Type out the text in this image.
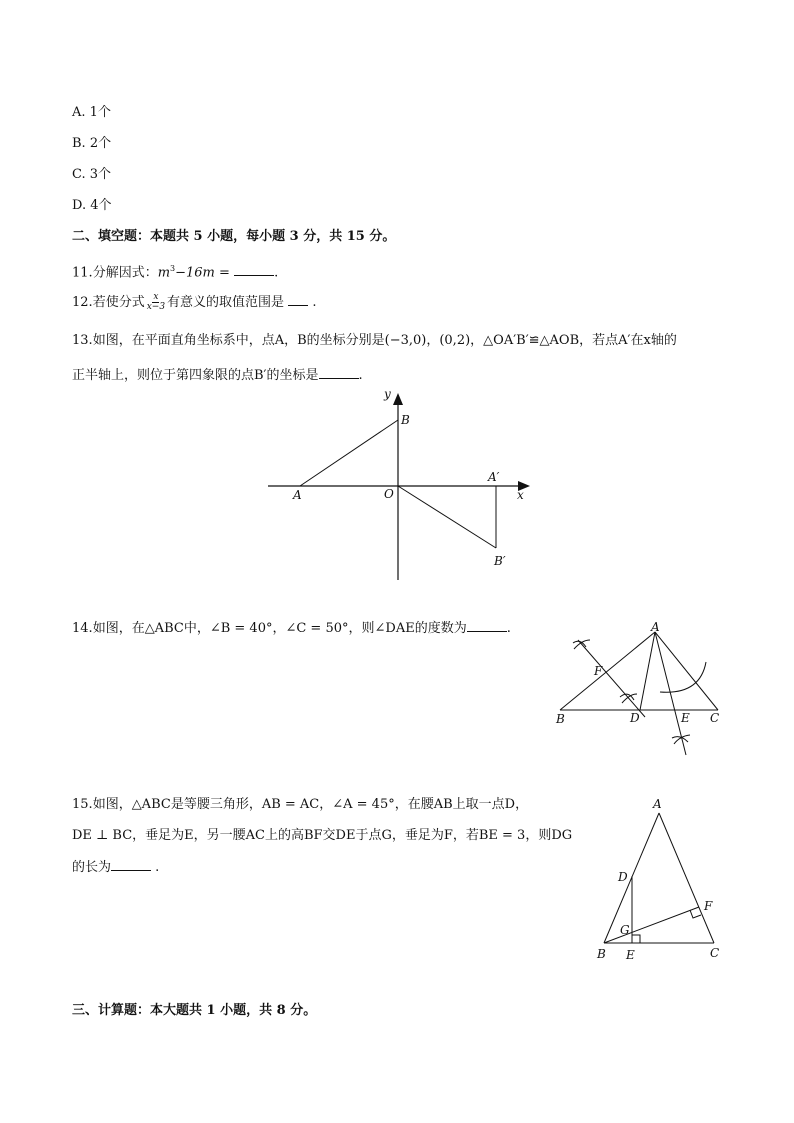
A. 1个
B. 2个
C. 3个
D. 4个
二、填空题：本题共 5 小题，每小题 3 分，共 15 分。
11.分解因式：$m^3-16m$ =	.
12.若使分式 $\frac{x}{x-3}$ 有意义的取值范围是 .
13.如图，在平面直角坐标系中，点A，B的坐标分别是(−3,0)，(0,2)，△OA′B′≌△AOB，若点A′在x轴的
正半轴上，则位于第四象限的点B′的坐标是	.
y
x
B
A	O
A′
B′
A
F
B	D	E C
A
D
F
G
B E	C
14.如图，在△ABC中，∠B = 40°，∠C = 50°，则∠DAE的度数为	.
15.如图，△ABC是等腰三角形，AB = AC，∠A = 45°，在腰AB上取一点D，
DE ⊥ BC，垂足为E，另一腰AC上的高BF交DE于点G，垂足为F，若BE = 3，则DG
的长为	.
三、计算题：本大题共 1 小题，共 8 分。
